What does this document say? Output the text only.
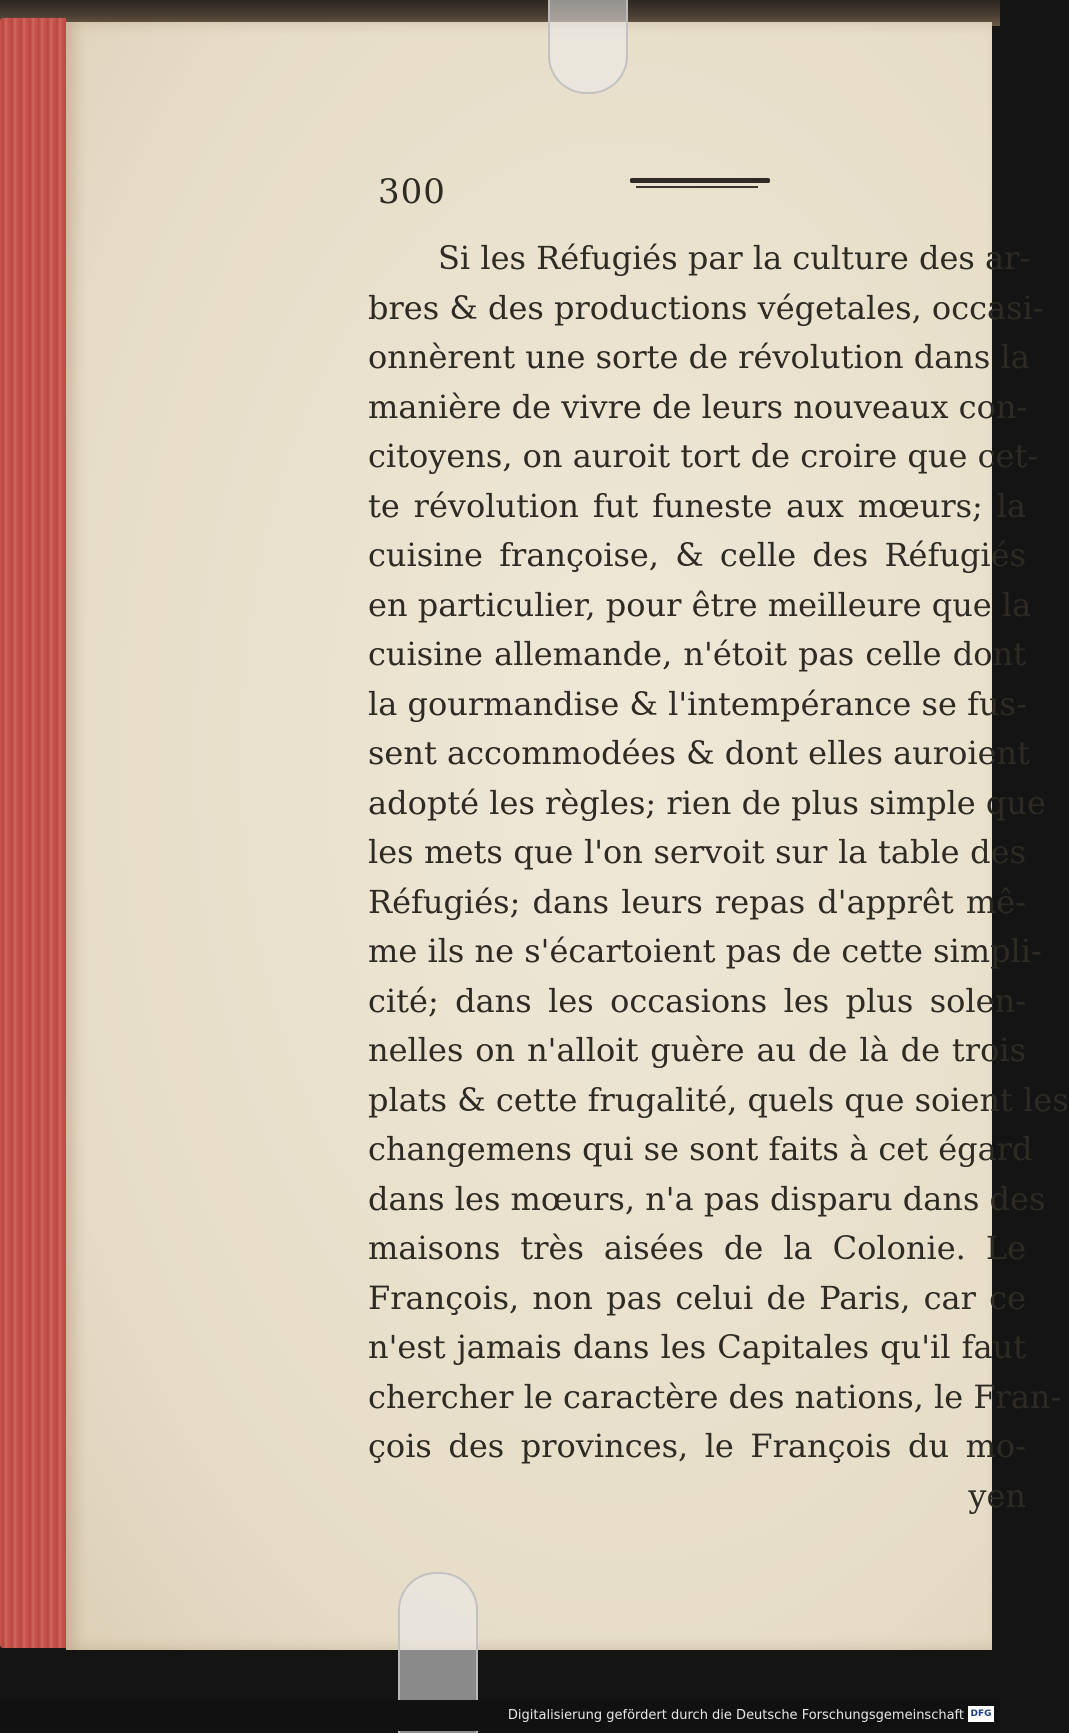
300
Si les Réfugiés par la culture des ar-
bres & des productions végetales, occasi-
onnèrent une sorte de révolution dans la
manière de vivre de leurs nouveaux con-
citoyens, on auroit tort de croire que cet-
te révolution fut funeste aux mœurs; la
cuisine françoise, & celle des Réfugiés
en particulier, pour être meilleure que la
cuisine allemande, n'étoit pas celle dont
la gourmandise & l'intempérance se fus-
sent accommodées & dont elles auroient
adopté les règles; rien de plus simple que
les mets que l'on servoit sur la table des
Réfugiés; dans leurs repas d'apprêt mê-
me ils ne s'écartoient pas de cette simpli-
cité; dans les occasions les plus solen-
nelles on n'alloit guère au de là de trois
plats & cette frugalité, quels que soient les
changemens qui se sont faits à cet égard
dans les mœurs, n'a pas disparu dans des
maisons très aisées de la Colonie. Le
François, non pas celui de Paris, car ce
n'est jamais dans les Capitales qu'il faut
chercher le caractère des nations, le Fran-
çois des provinces, le François du mo-
yen
Digitalisierung gefördert durch die Deutsche Forschungsgemeinschaft DFG
